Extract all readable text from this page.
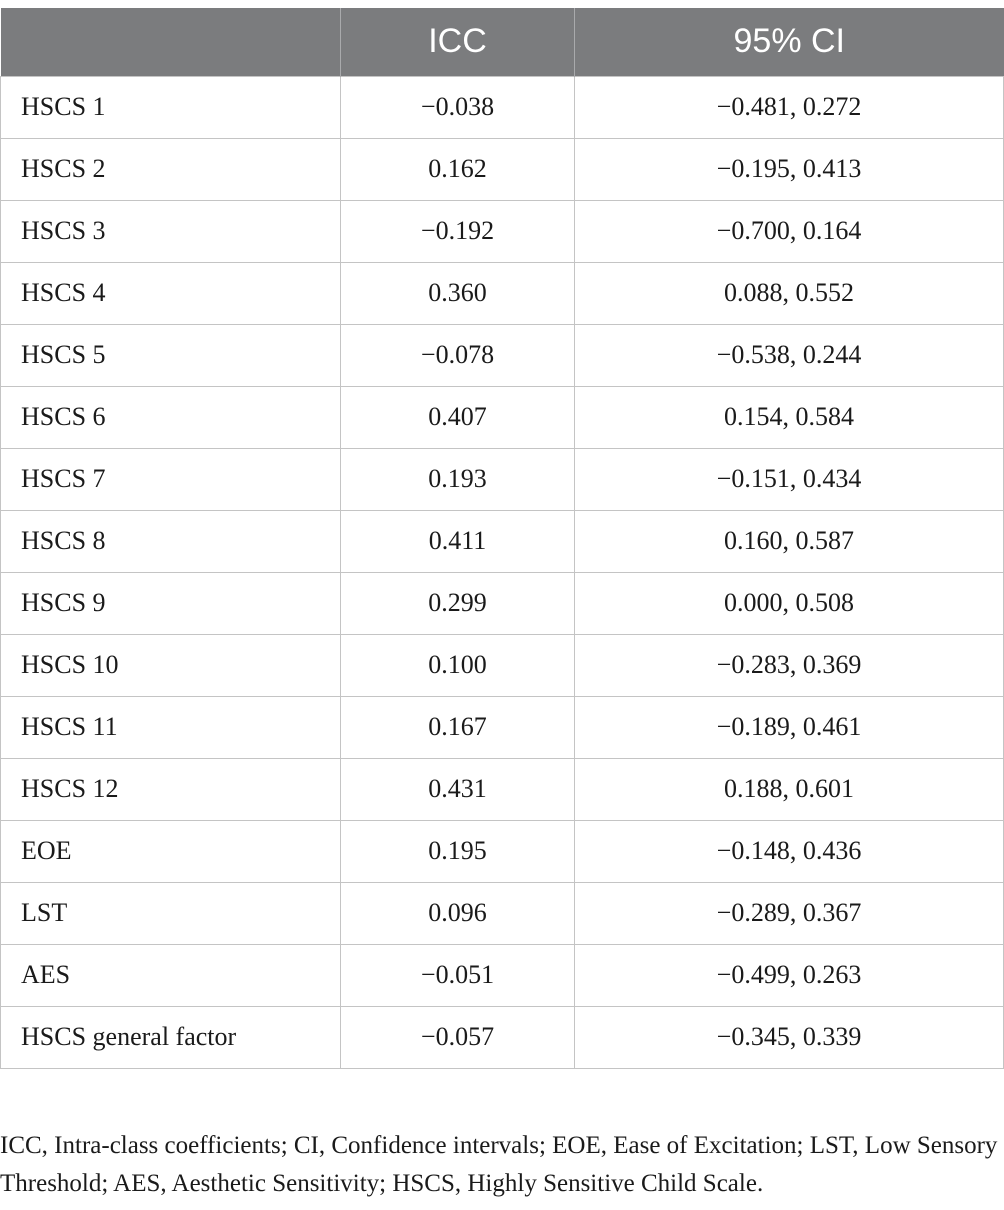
	ICC	95% CI
HSCS 1	−0.038	−0.481, 0.272
HSCS 2	0.162	−0.195, 0.413
HSCS 3	−0.192	−0.700, 0.164
HSCS 4	0.360	0.088, 0.552
HSCS 5	−0.078	−0.538, 0.244
HSCS 6	0.407	0.154, 0.584
HSCS 7	0.193	−0.151, 0.434
HSCS 8	0.411	0.160, 0.587
HSCS 9	0.299	0.000, 0.508
HSCS 10	0.100	−0.283, 0.369
HSCS 11	0.167	−0.189, 0.461
HSCS 12	0.431	0.188, 0.601
EOE	0.195	−0.148, 0.436
LST	0.096	−0.289, 0.367
AES	−0.051	−0.499, 0.263
HSCS general factor	−0.057	−0.345, 0.339
ICC, Intra-class coefficients; CI, Confidence intervals; EOE, Ease of Excitation; LST, Low Sensory Threshold; AES, Aesthetic Sensitivity; HSCS, Highly Sensitive Child Scale.
